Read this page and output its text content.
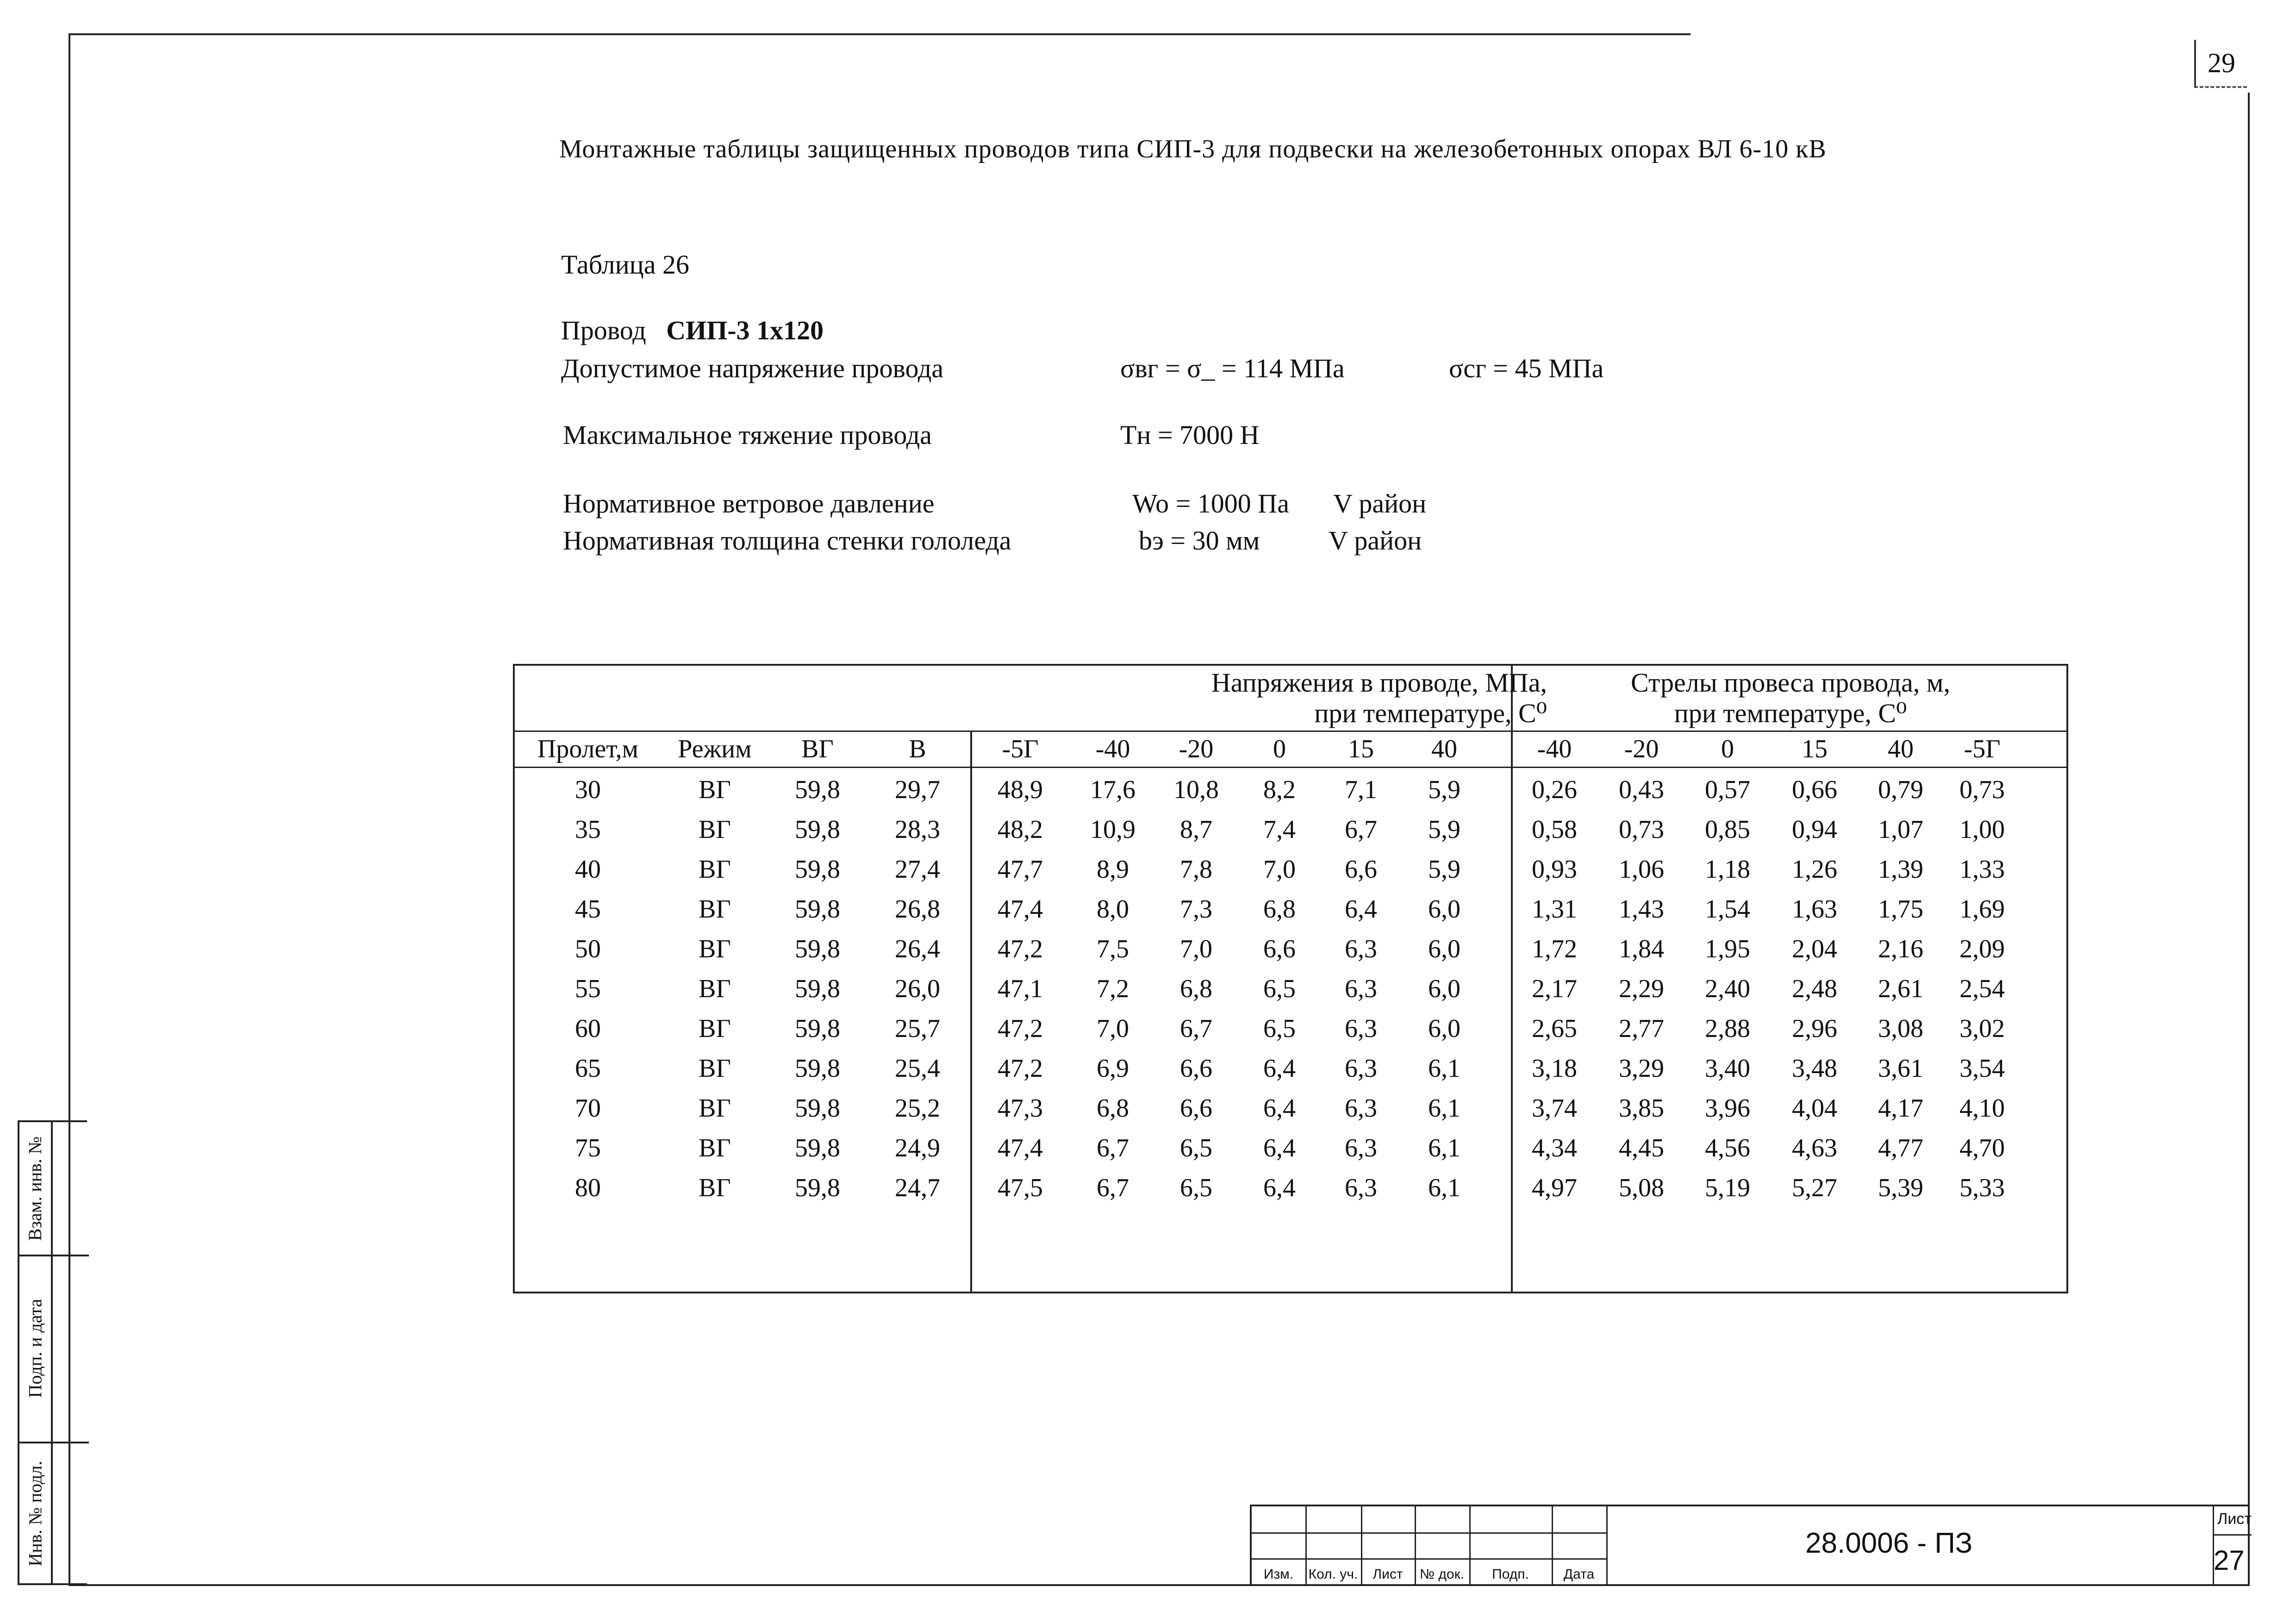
29
Монтажные таблицы защищенных проводов типа СИП-3 для подвески на железобетонных опорах ВЛ 6-10 кВ
Таблица 26
Провод СИП-3 1х120
Допустимое напряжение провода	σвг = σ_ = 114 МПа	σсг = 45 МПа
Максимальное тяжение провода	Тн = 7000 Н
Нормативное ветровое давление	Wo = 1000 Па V район
Нормативная толщина стенки гололеда	bэ = 30 мм	V район
Напряжения в проводе, МПа,
при температуре, С⁰
Стрелы провеса провода, м,
при температуре, С⁰
Пролет,м	Режим	ВГ	В	-5Г	-40	-20	0	15	40	-40	-20	0	15	40	-5Г
30	ВГ	59,8	29,7	48,9	17,6	10,8	8,2	7,1	5,9	0,26	0,43	0,57	0,66	0,79	0,73
35	ВГ	59,8	28,3	48,2	10,9	8,7	7,4	6,7	5,9	0,58	0,73	0,85	0,94	1,07	1,00
40	ВГ	59,8	27,4	47,7	8,9	7,8	7,0	6,6	5,9	0,93	1,06	1,18	1,26	1,39	1,33
45	ВГ	59,8	26,8	47,4	8,0	7,3	6,8	6,4	6,0	1,31	1,43	1,54	1,63	1,75	1,69
50	ВГ	59,8	26,4	47,2	7,5	7,0	6,6	6,3	6,0	1,72	1,84	1,95	2,04	2,16	2,09
55	ВГ	59,8	26,0	47,1	7,2	6,8	6,5	6,3	6,0	2,17	2,29	2,40	2,48	2,61	2,54
60	ВГ	59,8	25,7	47,2	7,0	6,7	6,5	6,3	6,0	2,65	2,77	2,88	2,96	3,08	3,02
65	ВГ	59,8	25,4	47,2	6,9	6,6	6,4	6,3	6,1	3,18	3,29	3,40	3,48	3,61	3,54
70	ВГ	59,8	25,2	47,3	6,8	6,6	6,4	6,3	6,1	3,74	3,85	3,96	4,04	4,17	4,10
75	ВГ	59,8	24,9	47,4	6,7	6,5	6,4	6,3	6,1	4,34	4,45	4,56	4,63	4,77	4,70
80	ВГ	59,8	24,7	47,5	6,7	6,5	6,4	6,3	6,1	4,97	5,08	5,19	5,27	5,39	5,33
Взам. инв. №
Подп. и дата
Инв. № подл.
Изм.	Кол. уч.	Лист	№ док.	Подп.	Дата
28.0006 - ПЗ
Лист
27
